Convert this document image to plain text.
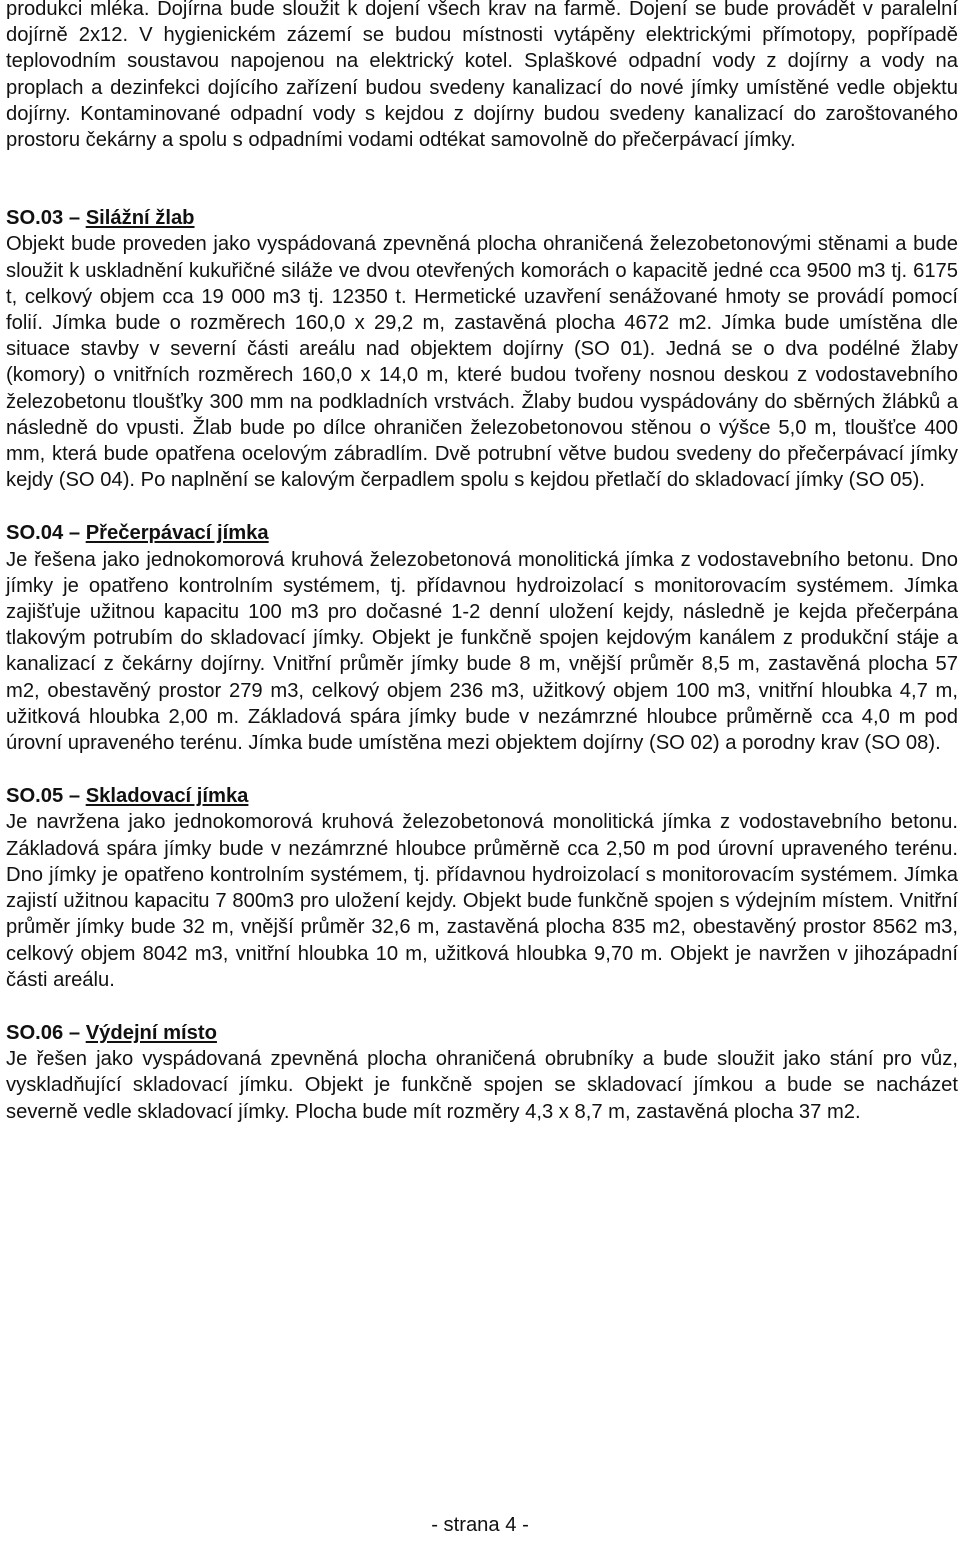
produkci mléka. Dojírna bude sloužit k dojení všech krav na farmě. Dojení se bude provádět v paralelní dojírně 2x12. V hygienickém zázemí se budou místnosti vytápěny elektrickými přímotopy, popřípadě teplovodním soustavou napojenou na elektrický kotel. Splaškové odpadní vody z dojírny a vody na proplach a dezinfekci dojícího zařízení budou svedeny kanalizací do nové jímky umístěné vedle objektu dojírny. Kontaminované odpadní vody s kejdou z dojírny budou svedeny kanalizací do zaroštovaného prostoru čekárny a spolu s odpadními vodami odtékat samovolně do přečerpávací jímky.

SO.03 – Silážní žlab

Objekt bude proveden jako vyspádovaná zpevněná plocha ohraničená železobetonovými stěnami a bude sloužit k uskladnění kukuřičné siláže ve dvou otevřených komorách o kapacitě jedné cca 9500 m3 tj. 6175 t, celkový objem cca 19 000 m3 tj. 12350 t. Hermetické uzavření senážované hmoty se provádí pomocí folií. Jímka bude o rozměrech 160,0 x 29,2 m, zastavěná plocha 4672 m2. Jímka bude umístěna dle situace stavby v severní části areálu nad objektem dojírny (SO 01). Jedná se o dva podélné žlaby (komory) o vnitřních rozměrech 160,0 x 14,0 m, které budou tvořeny nosnou deskou z vodostavebního železobetonu tloušťky 300 mm na podkladních vrstvách. Žlaby budou vyspádovány do sběrných žlábků a následně do vpusti. Žlab bude po dílce ohraničen železobetonovou stěnou o výšce 5,0 m, tloušťce 400 mm, která bude opatřena ocelovým zábradlím. Dvě potrubní větve budou svedeny do přečerpávací jímky kejdy (SO 04). Po naplnění se kalovým čerpadlem spolu s kejdou přetlačí do skladovací jímky (SO 05).

SO.04 – Přečerpávací jímka

Je řešena jako jednokomorová kruhová železobetonová monolitická jímka z vodostavebního betonu. Dno jímky je opatřeno kontrolním systémem, tj. přídavnou hydroizolací s monitorovacím systémem. Jímka zajišťuje užitnou kapacitu 100 m3 pro dočasné 1-2 denní uložení kejdy, následně je kejda přečerpána tlakovým potrubím do skladovací jímky. Objekt je funkčně spojen kejdovým kanálem z produkční stáje a kanalizací z čekárny dojírny. Vnitřní průměr jímky bude 8 m, vnější průměr 8,5 m, zastavěná plocha 57 m2, obestavěný prostor 279 m3, celkový objem 236 m3, užitkový objem 100 m3, vnitřní hloubka 4,7 m, užitková hloubka 2,00 m. Základová spára jímky bude v nezámrzné hloubce průměrně cca 4,0 m pod úrovní upraveného terénu. Jímka bude umístěna mezi objektem dojírny (SO 02) a porodny krav (SO 08).

SO.05 – Skladovací jímka

Je navržena jako jednokomorová kruhová železobetonová monolitická jímka z vodostavebního betonu. Základová spára jímky bude v nezámrzné hloubce průměrně cca 2,50 m pod úrovní upraveného terénu. Dno jímky je opatřeno kontrolním systémem, tj. přídavnou hydroizolací s monitorovacím systémem. Jímka zajistí užitnou kapacitu 7 800m3 pro uložení kejdy. Objekt bude funkčně spojen s výdejním místem. Vnitřní průměr jímky bude 32 m, vnější průměr 32,6 m, zastavěná plocha 835 m2, obestavěný prostor 8562 m3, celkový objem 8042 m3, vnitřní hloubka 10 m, užitková hloubka 9,70 m. Objekt je navržen v jihozápadní části areálu.

SO.06 – Výdejní místo

Je řešen jako vyspádovaná zpevněná plocha ohraničená obrubníky a bude sloužit jako stání pro vůz, vyskladňující skladovací jímku. Objekt je funkčně spojen se skladovací jímkou a bude se nacházet severně vedle skladovací jímky. Plocha bude mít rozměry 4,3 x 8,7 m, zastavěná plocha 37 m2.

- strana 4 -
